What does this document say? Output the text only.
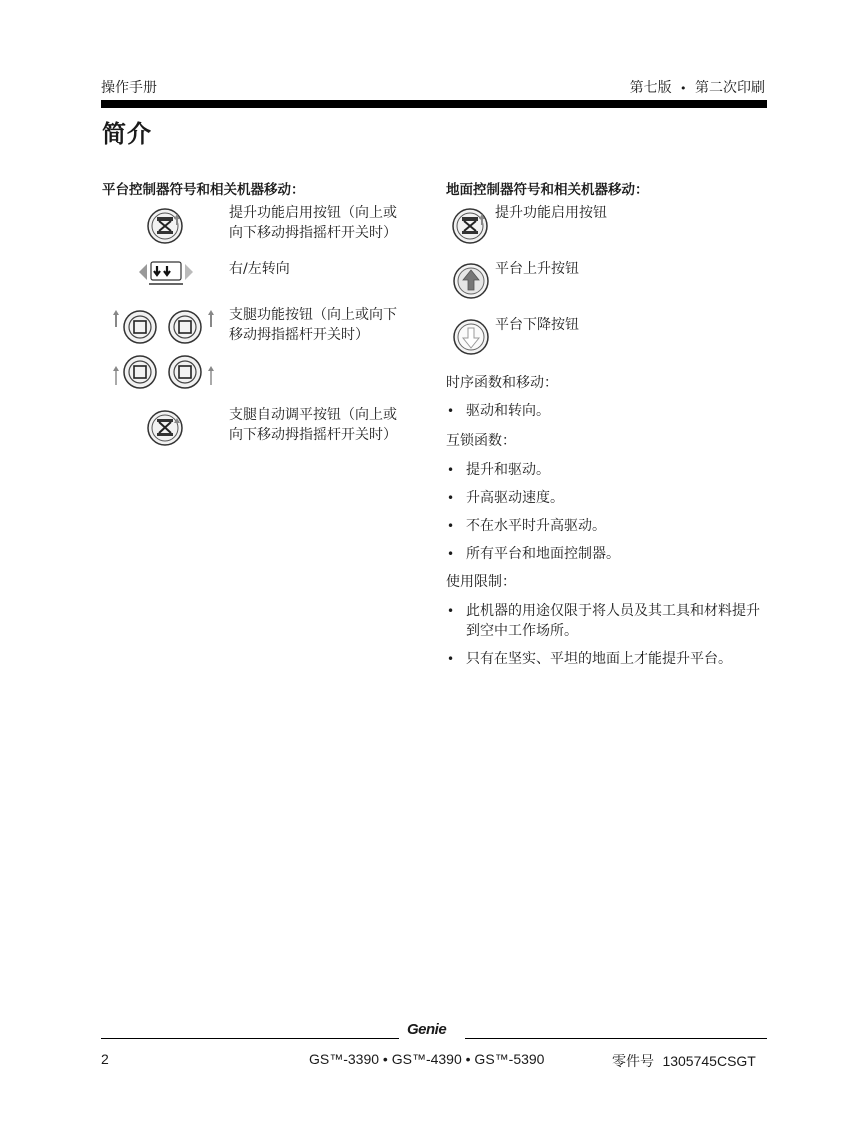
操作手册	第七版 • 第二次印刷
简介
平台控制器符号和相关机器移动：
提升功能启用按钮（向上或
向下移动拇指摇杆开关时）
右/左转向
支腿功能按钮（向上或向下
移动拇指摇杆开关时）
支腿自动调平按钮（向上或
向下移动拇指摇杆开关时）
地面控制器符号和相关机器移动：
提升功能启用按钮
平台上升按钮
平台下降按钮
时序函数和移动：
• 驱动和转向。
互锁函数：
• 提升和驱动。
• 升高驱动速度。
• 不在水平时升高驱动。
• 所有平台和地面控制器。
使用限制：
• 此机器的用途仅限于将人员及其工具和材料提升到空中工作场所。
• 只有在坚实、平坦的地面上才能提升平台。
Genie
2	GS™-3390 • GS™-4390 • GS™-5390	零件号 1305745CSGT
